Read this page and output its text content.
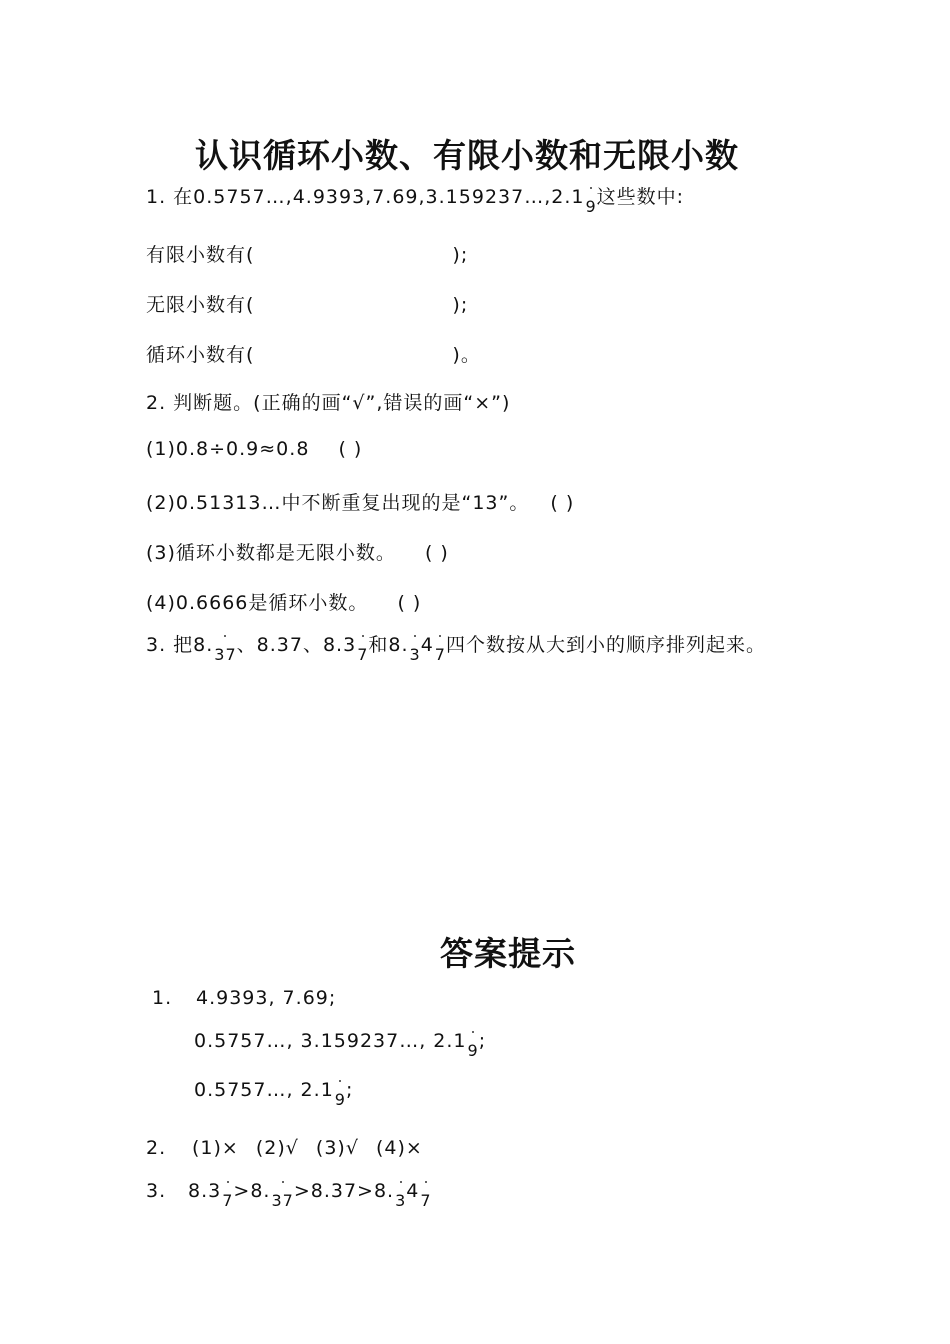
认识循环小数、有限小数和无限小数
1. 在$0.5757\dots,4.9393,7.69,3.159237\dots,2.1_9$这些数中:
有限小数有(	);
无限小数有(	);
循环小数有(	)。
2. 判断题。(正确的画“√”,错误的画“×”)
(1)0.8÷0.9≈0.8 ( )
(2)0.51313…中不断重复出现的是“13”。 ( )
(3)循环小数都是无限小数。 ( )
(4)0.6666是循环小数。 ( )
3. 把$8._{37}$、8.37、$8.3_7$和$8._34_7$四个数按从大到小的顺序排列起来。
答案提示
1. 4.9393, 7.69;
0.5757…, 3.159237…, $2.1_9$;
0.5757…, $2.1_9$;
2. (1)× (2)√ (3)√ (4)×
3. $8.3_7>8._{37}>8.37>8._34_7$
